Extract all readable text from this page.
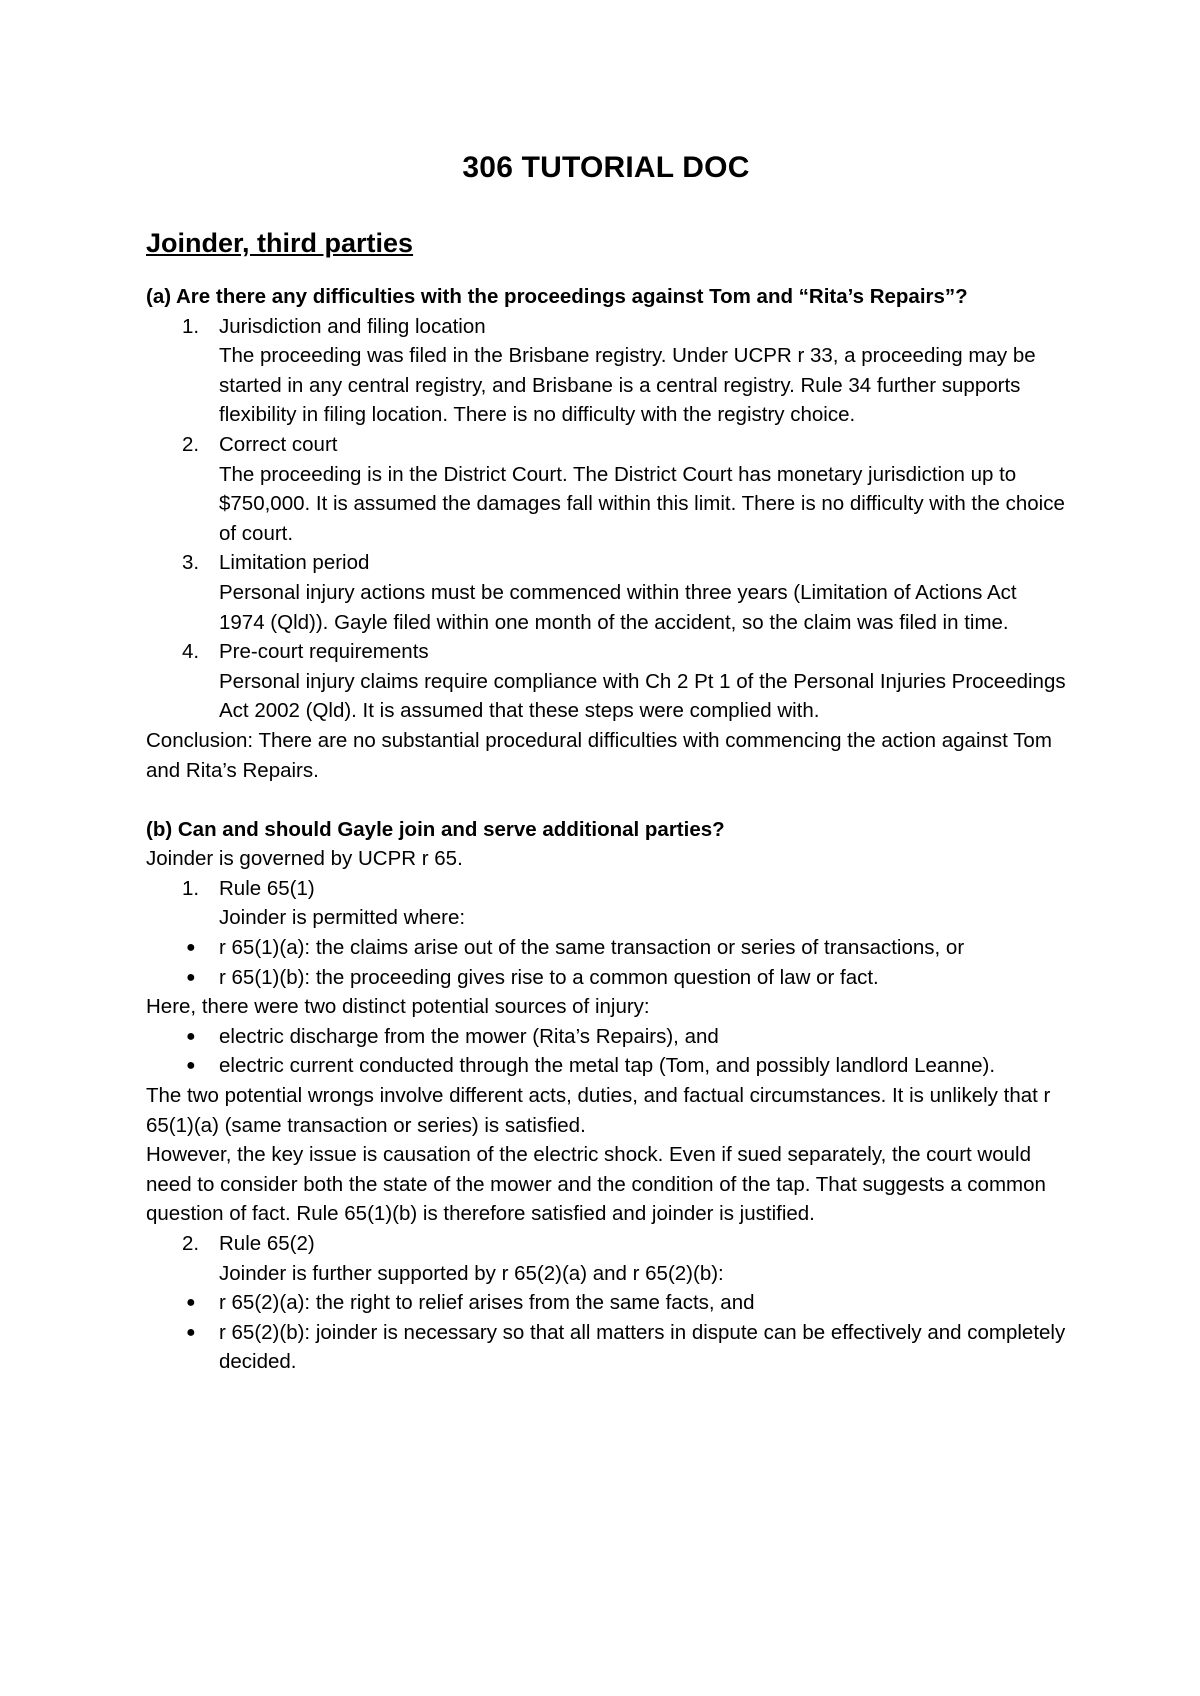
306 TUTORIAL DOC
Joinder, third parties
(a) Are there any difficulties with the proceedings against Tom and “Rita’s Repairs”?
1. Jurisdiction and filing location
The proceeding was filed in the Brisbane registry. Under UCPR r 33, a proceeding may be started in any central registry, and Brisbane is a central registry. Rule 34 further supports flexibility in filing location. There is no difficulty with the registry choice.
2. Correct court
The proceeding is in the District Court. The District Court has monetary jurisdiction up to $750,000. It is assumed the damages fall within this limit. There is no difficulty with the choice of court.
3. Limitation period
Personal injury actions must be commenced within three years (Limitation of Actions Act 1974 (Qld)). Gayle filed within one month of the accident, so the claim was filed in time.
4. Pre-court requirements
Personal injury claims require compliance with Ch 2 Pt 1 of the Personal Injuries Proceedings Act 2002 (Qld). It is assumed that these steps were complied with.
Conclusion: There are no substantial procedural difficulties with commencing the action against Tom and Rita’s Repairs.
(b) Can and should Gayle join and serve additional parties?
Joinder is governed by UCPR r 65.
1. Rule 65(1)
Joinder is permitted where:
● r 65(1)(a): the claims arise out of the same transaction or series of transactions, or
● r 65(1)(b): the proceeding gives rise to a common question of law or fact.
Here, there were two distinct potential sources of injury:
● electric discharge from the mower (Rita’s Repairs), and
● electric current conducted through the metal tap (Tom, and possibly landlord Leanne).
The two potential wrongs involve different acts, duties, and factual circumstances. It is unlikely that r 65(1)(a) (same transaction or series) is satisfied.
However, the key issue is causation of the electric shock. Even if sued separately, the court would need to consider both the state of the mower and the condition of the tap. That suggests a common question of fact. Rule 65(1)(b) is therefore satisfied and joinder is justified.
2. Rule 65(2)
Joinder is further supported by r 65(2)(a) and r 65(2)(b):
● r 65(2)(a): the right to relief arises from the same facts, and
● r 65(2)(b): joinder is necessary so that all matters in dispute can be effectively and completely decided.
